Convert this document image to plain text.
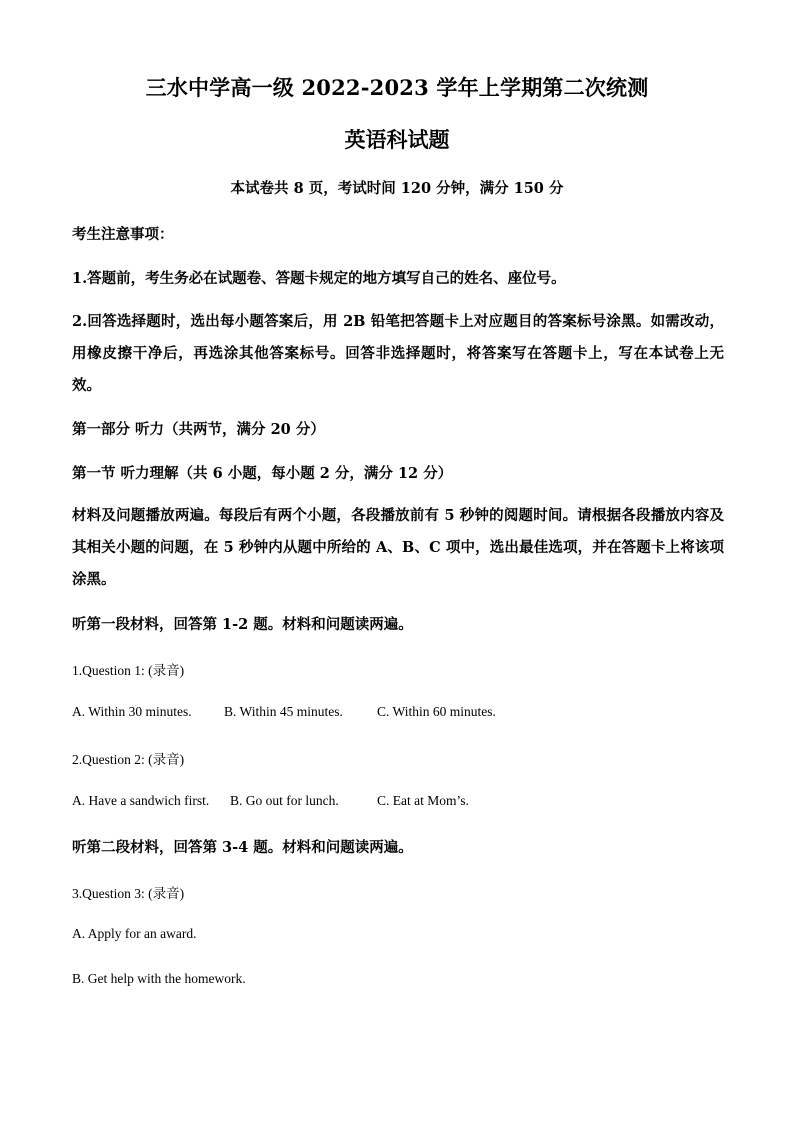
三水中学高一级 2022-2023 学年上学期第二次统测
英语科试题
本试卷共 8 页，考试时间 120 分钟，满分 150 分
考生注意事项：
1.答题前，考生务必在试题卷、答题卡规定的地方填写自己的姓名、座位号。
2.回答选择题时，选出每小题答案后，用 2B 铅笔把答题卡上对应题目的答案标号涂黑。如需改动，用橡皮擦干净后，再选涂其他答案标号。回答非选择题时，将答案写在答题卡上，写在本试卷上无效。
第一部分 听力（共两节，满分 20 分）
第一节 听力理解（共 6 小题，每小题 2 分，满分 12 分）
材料及问题播放两遍。每段后有两个小题，各段播放前有 5 秒钟的阅题时间。请根据各段播放内容及其相关小题的问题，在 5 秒钟内从题中所给的 A、B、C 项中，选出最佳选项，并在答题卡上将该项涂黑。
听第一段材料，回答第 1-2 题。材料和问题读两遍。
1.Question 1: (录音)
A. Within 30 minutes. B. Within 45 minutes.	C. Within 60 minutes.
2.Question 2: (录音)
A. Have a sandwich first. B. Go out for lunch.	C. Eat at Mom’s.
听第二段材料，回答第 3-4 题。材料和问题读两遍。
3.Question 3: (录音)
A. Apply for an award.
B. Get help with the homework.
